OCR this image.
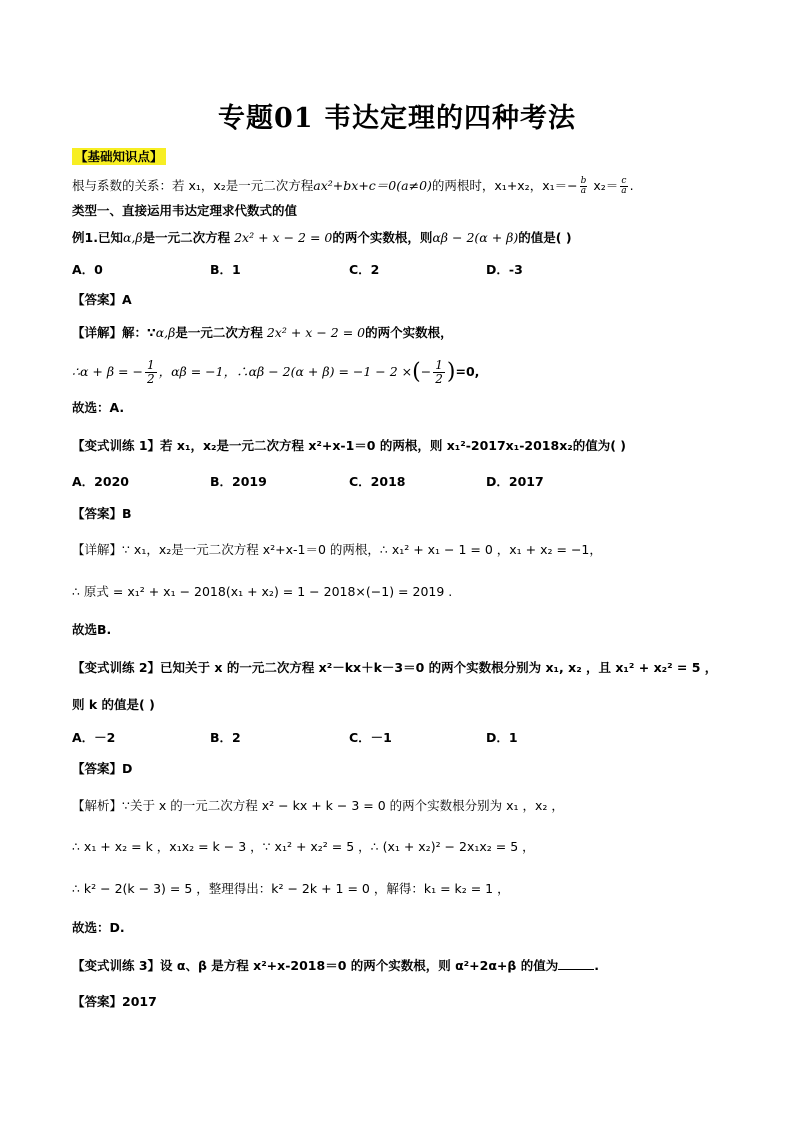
专题01 韦达定理的四种考法
【基础知识点】
根与系数的关系：若 x₁，x₂是一元二次方程ax²+bx+c＝0(a≠0)的两根时，x₁+x₂，$x_1=- \frac{b}{a} x_2= \frac{c}{a}$ .
类型一、直接运用韦达定理求代数式的值
例1.已知α,β是一元二次方程 2x² + x − 2 = 0的两个实数根，则αβ − 2(α + β)的值是( )
A．0	B．1	C．2	D．-3
【答案】A
【详解】解：∵α,β是一元二次方程 2x² + x − 2 = 0的两个实数根，
∴α + β = − $\frac{1}{2}$ ，αβ = −1，∴αβ − 2(α + β) = −1 − 2 ×(− $\frac{1}{2} )=0$,
故选：A.
【变式训练 1】若 x₁，x₂是一元二次方程 x²+x-1＝0 的两根，则 x₁²-2017x₁-2018x₂的值为( )
A．2020	B．2019	C．2018	D．2017
【答案】B
【详解】∵ x₁，x₂是一元二次方程 x²+x-1＝0 的两根，∴ x₁² + x₁ − 1 = 0 ，x₁ + x₂ = −1，
∴ 原式 = x₁² + x₁ − 2018(x₁ + x₂) = 1 − 2018×(−1) = 2019 .
故选B.
【变式训练 2】已知关于 x 的一元二次方程 x²－kx＋k－3＝0 的两个实数根分别为 x₁, x₂ ，且 x₁² + x₂² = 5 ，
则 k 的值是( )
A．－2	B．2	C．－1	D．1
【答案】D
【解析】∵关于 x 的一元二次方程 x² − kx + k − 3 = 0 的两个实数根分别为 x₁ ，x₂ ，
∴ x₁ + x₂ = k ，x₁x₂ = k − 3 ，∵ x₁² + x₂² = 5 ，∴ (x₁ + x₂)² − 2x₁x₂ = 5 ，
∴ k² − 2(k − 3) = 5 ，整理得出：k² − 2k + 1 = 0 ，解得：k₁ = k₂ = 1 ，
故选：D.
【变式训练 3】设 α、β 是方程 x²+x-2018＝0 的两个实数根，则 α²+2α+β 的值为	.
【答案】2017
